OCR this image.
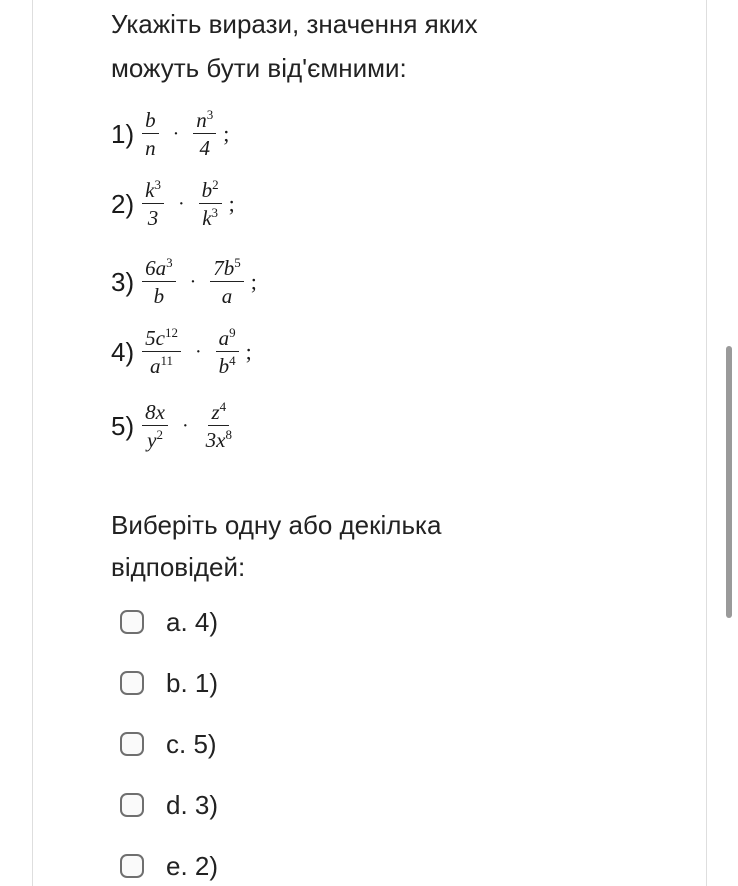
Укажіть вирази, значення яких
можуть бути від'ємними:
$1) \frac{b}{n} \cdot \frac{n^3}{4}$ ;
$2) \frac{k^3}{3} \cdot \frac{b^2}{k^3}$ ;
$3) \frac{6a^3}{b} \cdot \frac{7b^5}{a}$ ;
$4) \frac{5c^{12}}{a^{11}} \cdot \frac{a^9}{b^4}$ ;
$5) \frac{8x}{y^2} \cdot \frac{z^4}{3x^8}$
Виберіть одну або декілька
відповідей:
a. 4)
b. 1)
c. 5)
d. 3)
e. 2)
